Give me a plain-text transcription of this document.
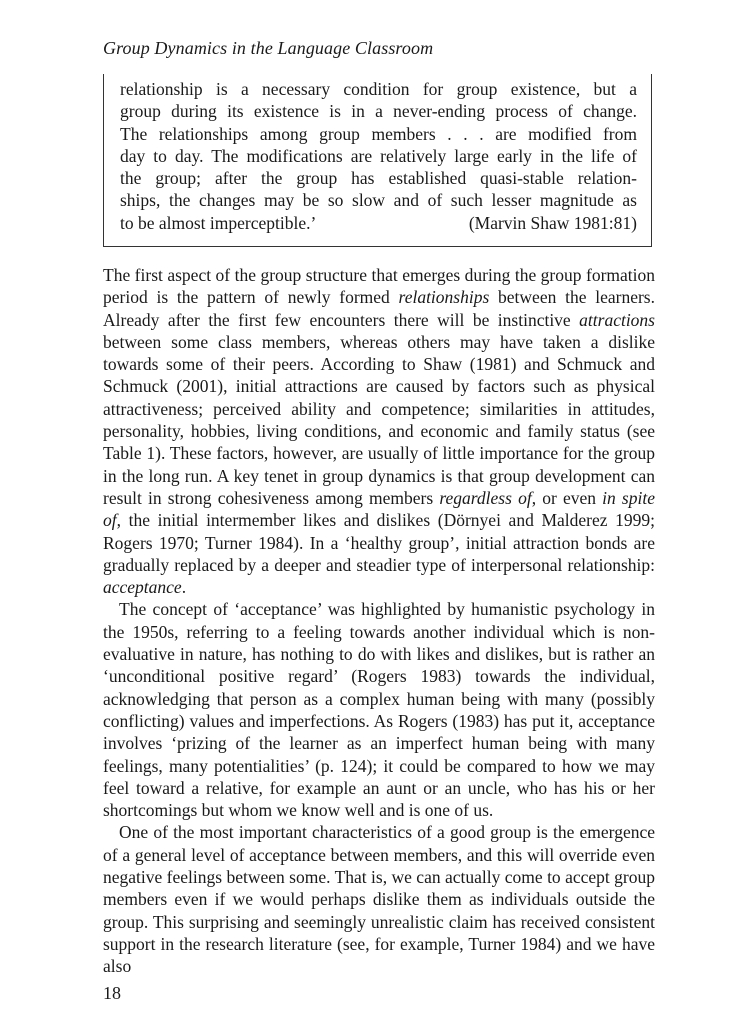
Group Dynamics in the Language Classroom
relationship is a necessary condition for group existence, but a
group during its existence is in a never-ending process of change.
The relationships among group members . . . are modified from
day to day. The modifications are relatively large early in the life of
the group; after the group has established quasi-stable relation-
ships, the changes may be so slow and of such lesser magnitude as
to be almost imperceptible.’	(Marvin Shaw 1981:81)

The first aspect of the group structure that emerges during the group formation period is the pattern of newly formed relationships between the learners. Already after the first few encounters there will be instinctive attractions between some class members, whereas others may have taken a dislike towards some of their peers. According to Shaw (1981) and Schmuck and Schmuck (2001), initial attractions are caused by factors such as physical attractiveness; perceived ability and competence; similarities in attitudes, personality, hobbies, living conditions, and economic and family status (see Table 1). These factors, however, are usually of little importance for the group in the long run. A key tenet in group dynamics is that group development can result in strong cohesiveness among members regardless of, or even in spite of, the initial intermember likes and dislikes (Dörnyei and Malderez 1999; Rogers 1970; Turner 1984). In a ‘healthy group’, initial attraction bonds are gradually replaced by a deeper and steadier type of interpersonal relationship: acceptance.

The concept of ‘acceptance’ was highlighted by humanistic psychology in the 1950s, referring to a feeling towards another individual which is non-evaluative in nature, has nothing to do with likes and dislikes, but is rather an ‘unconditional positive regard’ (Rogers 1983) towards the individual, acknowledging that person as a complex human being with many (possibly conflicting) values and imperfections. As Rogers (1983) has put it, acceptance involves ‘prizing of the learner as an imperfect human being with many feelings, many potentialities’ (p. 124); it could be compared to how we may feel toward a relative, for example an aunt or an uncle, who has his or her shortcomings but whom we know well and is one of us.

One of the most important characteristics of a good group is the emergence of a general level of acceptance between members, and this will override even negative feelings between some. That is, we can actually come to accept group members even if we would perhaps dislike them as individuals outside the group. This surprising and seemingly unrealistic claim has received consistent support in the research literature (see, for example, Turner 1984) and we have also

18
